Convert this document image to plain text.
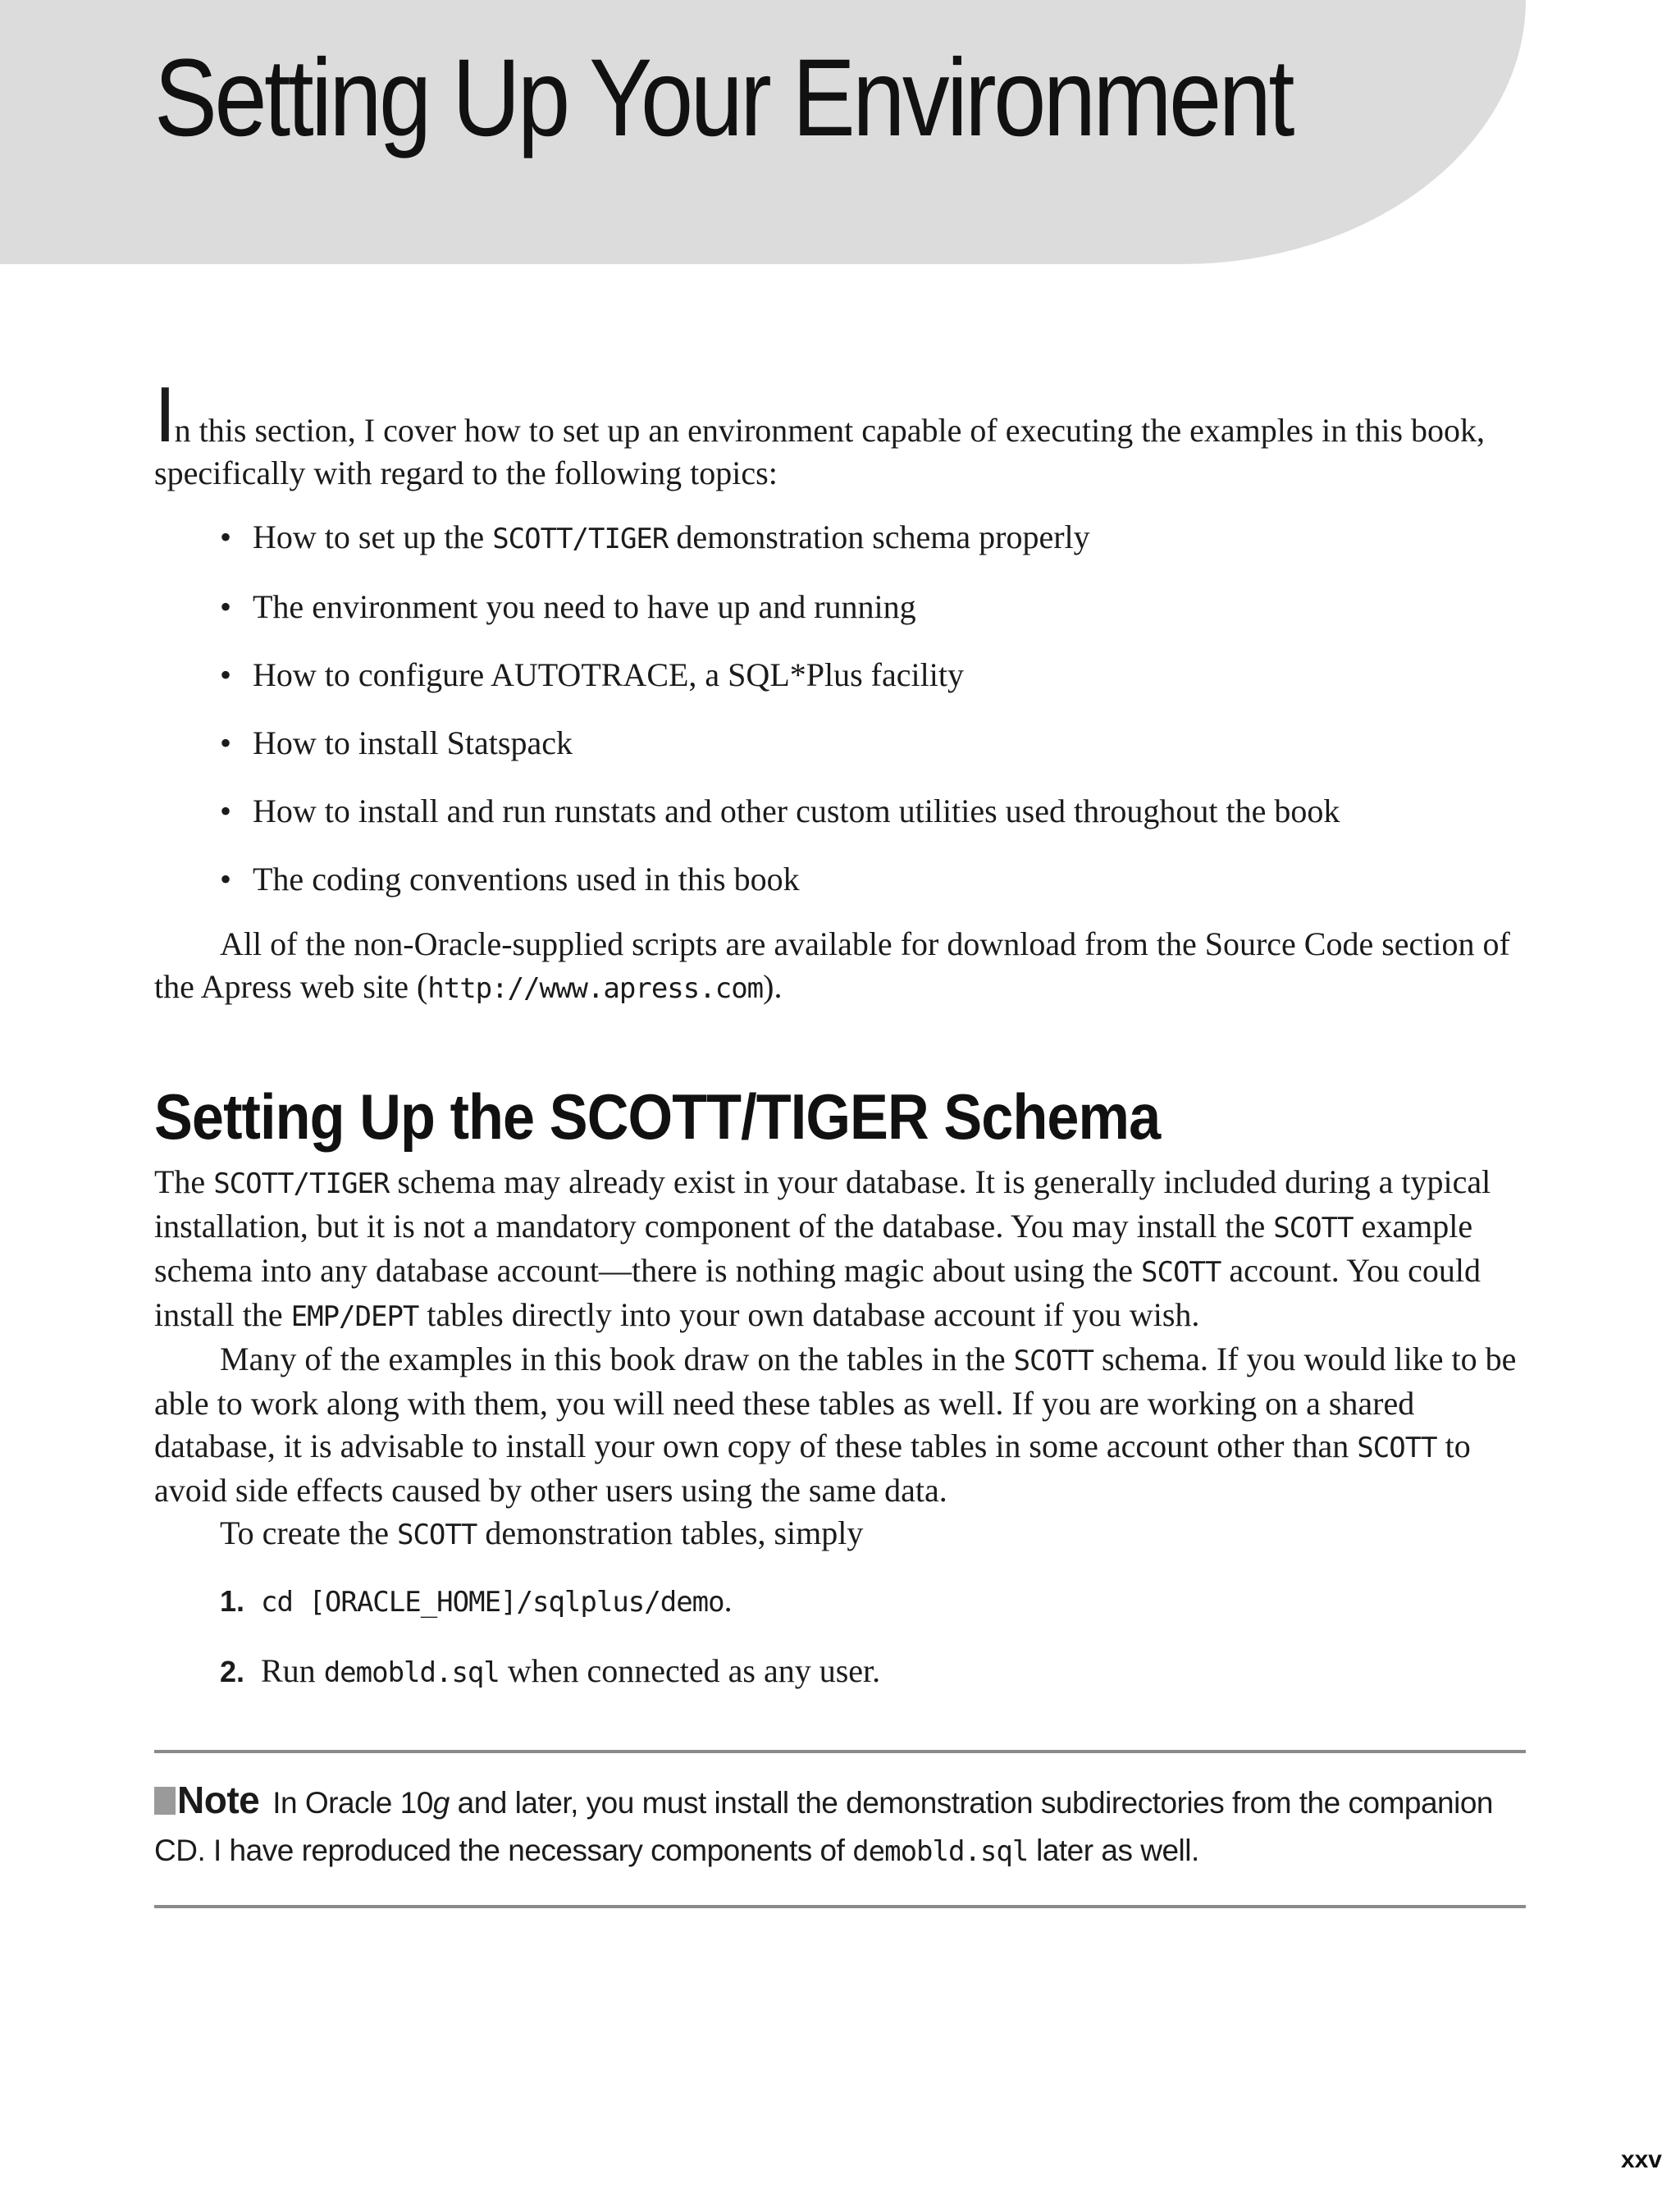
Setting Up Your Environment

In this section, I cover how to set up an environment capable of executing the examples in this book, specifically with regard to the following topics:

• How to set up the SCOTT/TIGER demonstration schema properly
• The environment you need to have up and running
• How to configure AUTOTRACE, a SQL*Plus facility
• How to install Statspack
• How to install and run runstats and other custom utilities used throughout the book
• The coding conventions used in this book

All of the non-Oracle-supplied scripts are available for download from the Source Code section of the Apress web site (http://www.apress.com).

Setting Up the SCOTT/TIGER Schema

The SCOTT/TIGER schema may already exist in your database. It is generally included during a typical installation, but it is not a mandatory component of the database. You may install the SCOTT example schema into any database account—there is nothing magic about using the SCOTT account. You could install the EMP/DEPT tables directly into your own database account if you wish.

Many of the examples in this book draw on the tables in the SCOTT schema. If you would like to be able to work along with them, you will need these tables as well. If you are working on a shared database, it is advisable to install your own copy of these tables in some account other than SCOTT to avoid side effects caused by other users using the same data.

To create the SCOTT demonstration tables, simply

1. cd [ORACLE_HOME]/sqlplus/demo.
2. Run demobld.sql when connected as any user.
Note In Oracle 10g and later, you must install the demonstration subdirectories from the companion CD. I have reproduced the necessary components of demobld.sql later as well.
xxv
